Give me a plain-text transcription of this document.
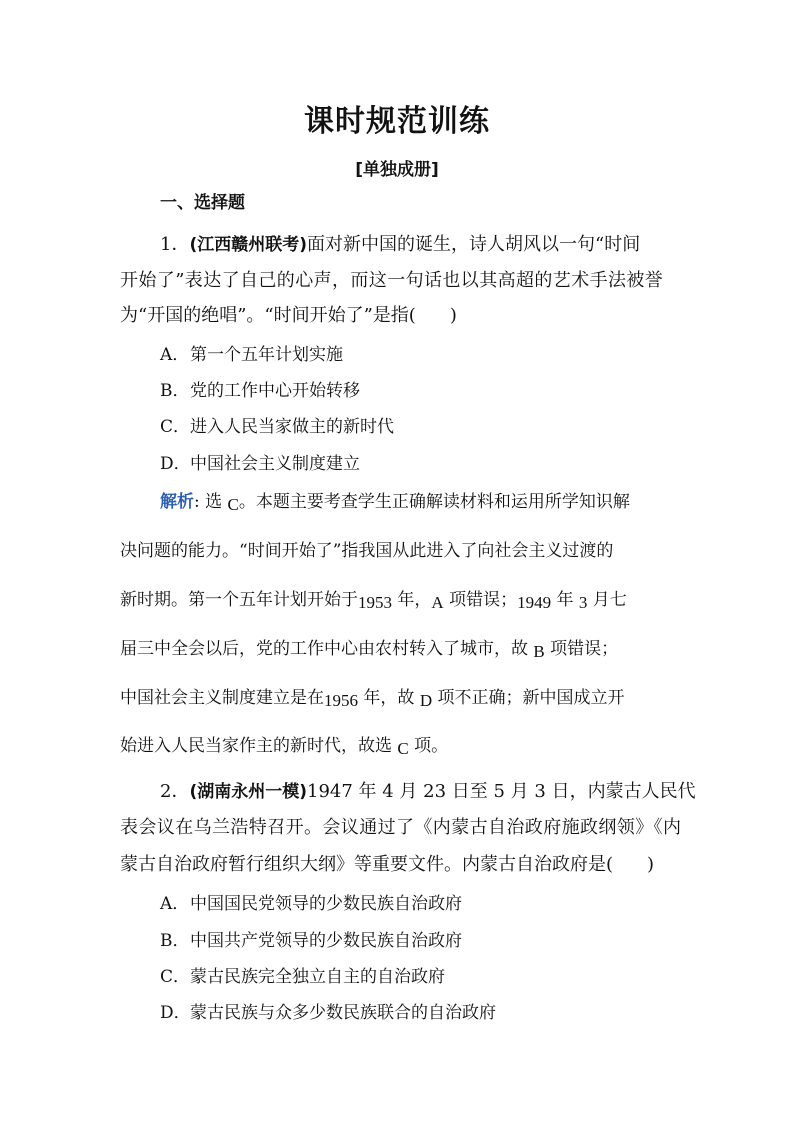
课时规范训练
[单独成册]
一、选择题
1．(江西赣州联考)面对新中国的诞生，诗人胡风以一句“时间
开始了”表达了自己的心声，而这一句话也以其高超的艺术手法被誉
为“开国的绝唱”。“时间开始了”是指( )
A．第一个五年计划实施
B．党的工作中心开始转移
C．进入人民当家做主的新时代
D．中国社会主义制度建立
解析: 选 C。本题主要考查学生正确解读材料和运用所学知识解
决问题的能力。“时间开始了”指我国从此进入了向社会主义过渡的
新时期。第一个五年计划开始于1953 年，A 项错误；1949 年 3 月七
届三中全会以后，党的工作中心由农村转入了城市，故 B 项错误；
中国社会主义制度建立是在1956 年，故 D 项不正确；新中国成立开
始进入人民当家作主的新时代，故选 C 项。
2．(湖南永州一模)1947 年 4 月 23 日至 5 月 3 日，内蒙古人民代
表会议在乌兰浩特召开。会议通过了《内蒙古自治政府施政纲领》《内
蒙古自治政府暂行组织大纲》等重要文件。内蒙古自治政府是( )
A．中国国民党领导的少数民族自治政府
B．中国共产党领导的少数民族自治政府
C．蒙古民族完全独立自主的自治政府
D．蒙古民族与众多少数民族联合的自治政府
